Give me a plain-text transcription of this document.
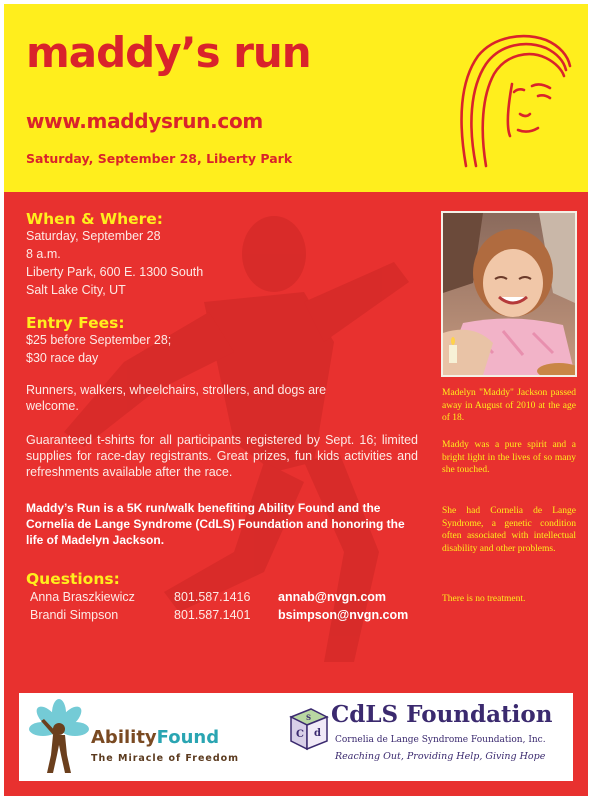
maddy’s run
www.maddysrun.com
Saturday, September 28, Liberty Park
When & Where:
Saturday, September 28
8 a.m.
Liberty Park, 600 E. 1300 South
Salt Lake City, UT
Entry Fees:
$25 before September 28;
$30 race day
Runners, walkers, wheelchairs, strollers, and dogs are welcome.
Guaranteed t-shirts for all participants registered by Sept. 16; limited supplies for race-day registrants. Great prizes, fun kids activities and refreshments available after the race.
Maddy’s Run is a 5K run/walk benefiting Ability Found and the Cornelia de Lange Syndrome (CdLS) Foundation and honoring the life of Madelyn Jackson.
Questions:
Anna Braszkiewicz	801.587.1416 annab@nvgn.com
Brandi Simpson	801.587.1401 bsimpson@nvgn.com
Madelyn "Maddy" Jackson passed away in August of 2010 at the age of 18.
Maddy was a pure spirit and a bright light in the lives of so many she touched.
She had Cornelia de Lange Syndrome, a genetic condition often associated with intellectual disability and other problems.
There is no treatment.
AbilityFound
The Miracle of Freedom
C d
S CdLS Foundation
Cornelia de Lange Syndrome Foundation, Inc.
Reaching Out, Providing Help, Giving Hope
